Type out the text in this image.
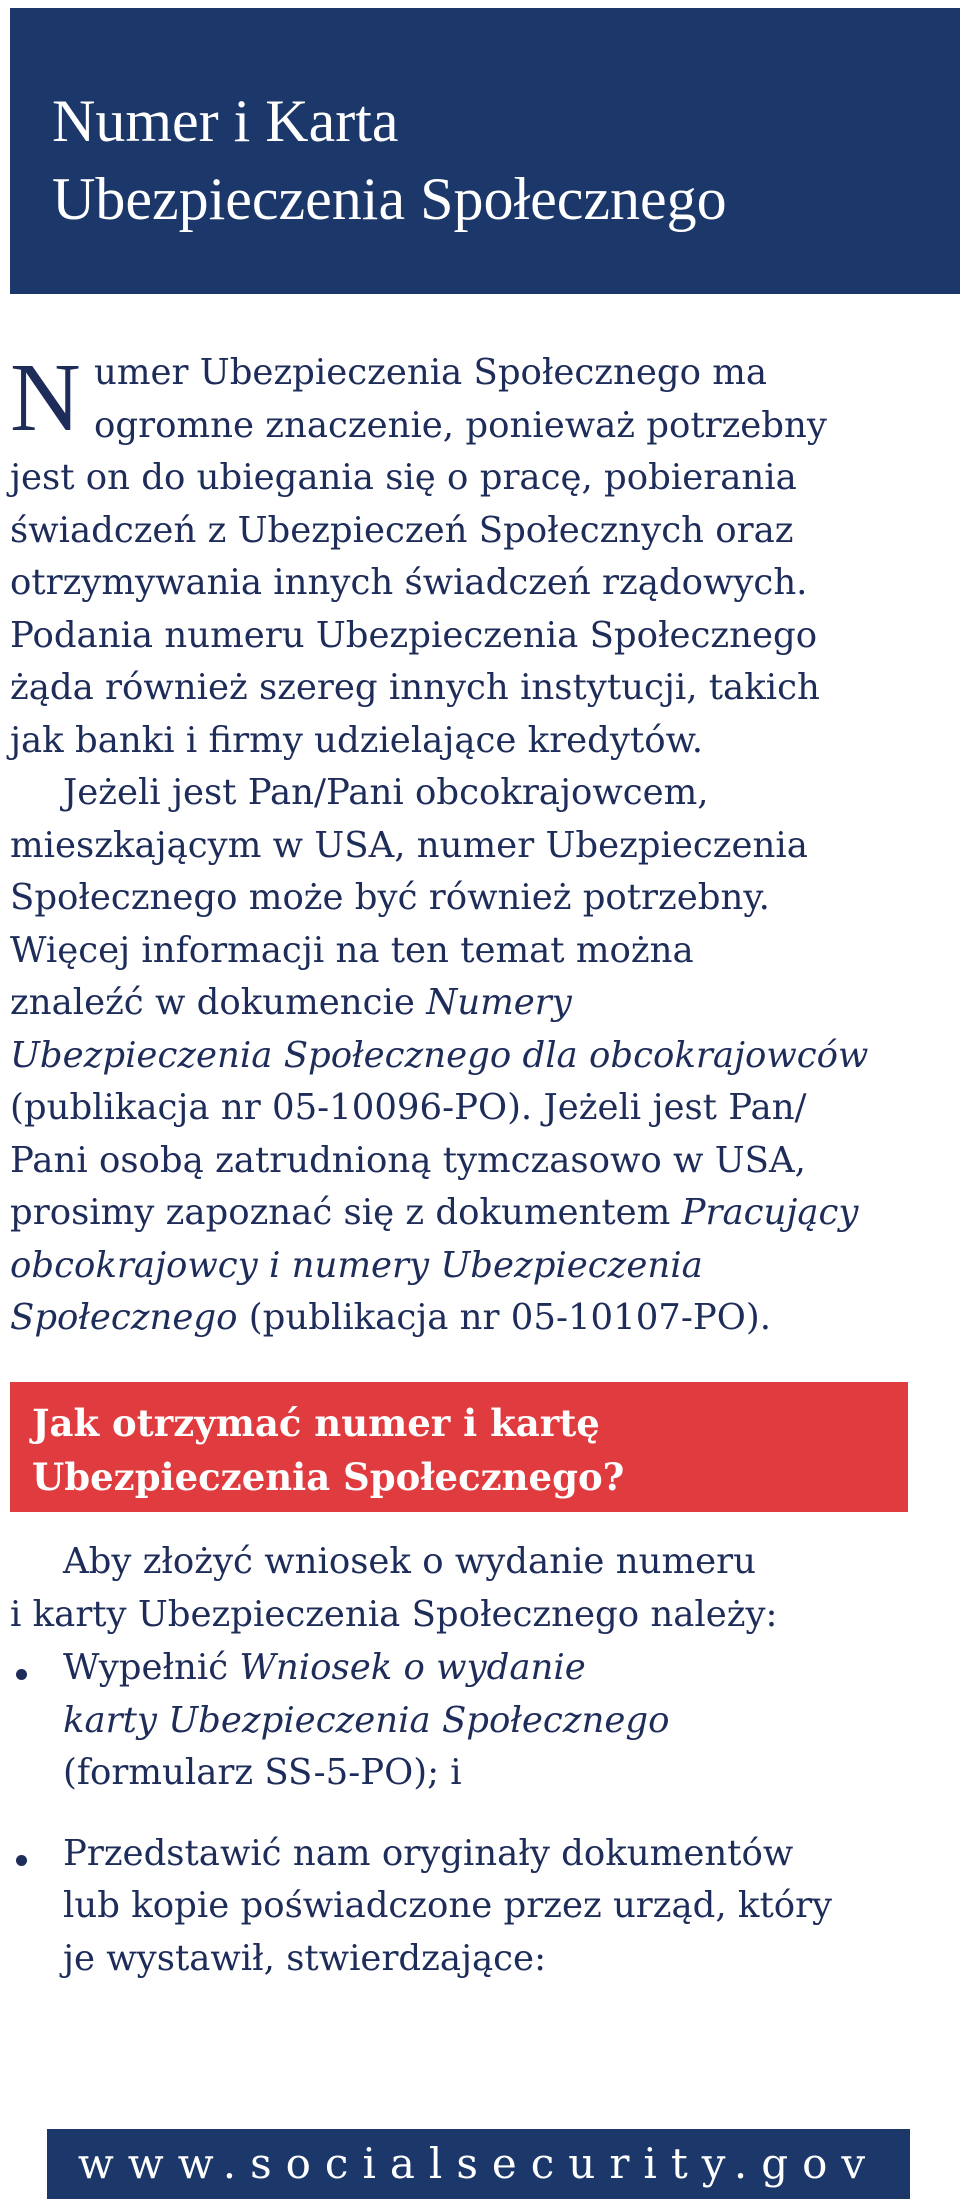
Numer i Karta
Ubezpieczenia Społecznego
N umer Ubezpieczenia Społecznego ma
ogromne znaczenie, ponieważ potrzebny
jest on do ubiegania się o pracę, pobierania
świadczeń z Ubezpieczeń Społecznych oraz
otrzymywania innych świadczeń rządowych.
Podania numeru Ubezpieczenia Społecznego
żąda również szereg innych instytucji, takich
jak banki i firmy udzielające kredytów.
Jeżeli jest Pan/Pani obcokrajowcem,
mieszkającym w USA, numer Ubezpieczenia
Społecznego może być również potrzebny.
Więcej informacji na ten temat można
znaleźć w dokumencie Numery
Ubezpieczenia Społecznego dla obcokrajowców
(publikacja nr 05-10096-PO). Jeżeli jest Pan/
Pani osobą zatrudnioną tymczasowo w USA,
prosimy zapoznać się z dokumentem Pracujący
obcokrajowcy i numery Ubezpieczenia
Społecznego (publikacja nr 05-10107-PO).
Jak otrzymać numer i kartę
Ubezpieczenia Społecznego?
Aby złożyć wniosek o wydanie numeru
i karty Ubezpieczenia Społecznego należy:
Wypełnić Wniosek o wydanie
karty Ubezpieczenia Społecznego
(formularz SS-5-PO); i
Przedstawić nam oryginały dokumentów
lub kopie poświadczone przez urząd, który
je wystawił, stwierdzające:
www.socialsecurity.gov
